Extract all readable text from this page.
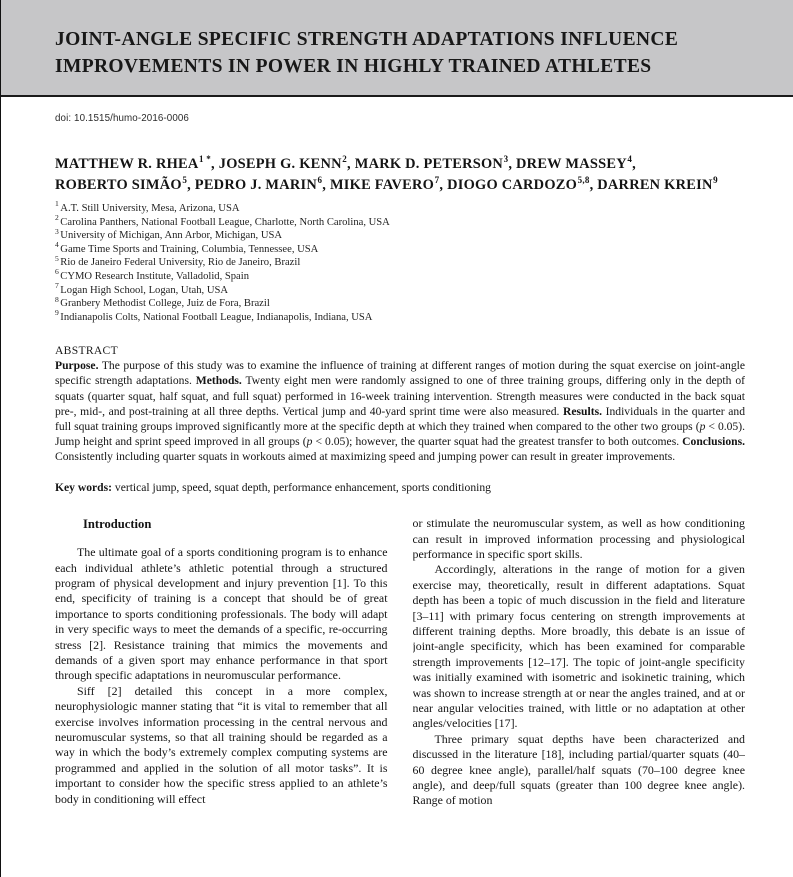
JOINT-ANGLE SPECIFIC STRENGTH ADAPTATIONS INFLUENCE
IMPROVEMENTS IN POWER IN HIGHLY TRAINED ATHLETES
doi: 10.1515/humo-2016-0006
MATTHEW R. $RHEA^{1 *}$, JOSEPH G. KENN$^2$, MARK D. PETERSON$^3$, DREW MASSEY$^4$,
ROBERTO SIMÃO$^5$, PEDRO J. MARIN$^6$, MIKE FAVERO$^7$, DIOGO CARDOZO$^{5,8}$, DARREN KREIN$^9$
$^1$ A.T. Still University, Mesa, Arizona, USA
$^2$ Carolina Panthers, National Football League, Charlotte, North Carolina, USA
$^3$ University of Michigan, Ann Arbor, Michigan, USA
$^4$ Game Time Sports and Training, Columbia, Tennessee, USA
$^5$ Rio de Janeiro Federal University, Rio de Janeiro, Brazil
$^6$ CYMO Research Institute, Valladolid, Spain
$^7$ Logan High School, Logan, Utah, USA
$^8$ Granbery Methodist College, Juiz de Fora, Brazil
$^9$ Indianapolis Colts, National Football League, Indianapolis, Indiana, USA
ABSTRACT

Purpose. The purpose of this study was to examine the influence of training at different ranges of motion during the squat exercise on joint-angle specific strength adaptations. Methods. Twenty eight men were randomly assigned to one of three training groups, differing only in the depth of squats (quarter squat, half squat, and full squat) performed in 16-week training intervention. Strength measures were conducted in the back squat pre-, mid-, and post-training at all three depths. Vertical jump and 40-yard sprint time were also measured. Results. Individuals in the quarter and full squat training groups improved significantly more at the specific depth at which they trained when compared to the other two groups (p < 0.05). Jump height and sprint speed improved in all groups (p < 0.05); however, the quarter squat had the greatest transfer to both outcomes. Conclusions. Consistently including quarter squats in workouts aimed at maximizing speed and jumping power can result in greater improvements.

Key words: vertical jump, speed, squat depth, performance enhancement, sports conditioning
Introduction

The ultimate goal of a sports conditioning program is to enhance each individual athlete’s athletic potential through a structured program of physical development and injury prevention [1]. To this end, specificity of training is a concept that should be of great importance to sports conditioning professionals. The body will adapt in very specific ways to meet the demands of a specific, re-occurring stress [2]. Resistance training that mimics the movements and demands of a given sport may enhance performance in that sport through specific adaptations in neuromuscular performance.

Siff [2] detailed this concept in a more complex, neurophysiologic manner stating that “it is vital to remember that all exercise involves information processing in the central nervous and neuromuscular systems, so that all training should be regarded as a way in which the body’s extremely complex computing systems are programmed and applied in the solution of all motor tasks”. It is important to consider how the specific stress applied to an athlete’s body in conditioning will effect

or stimulate the neuromuscular system, as well as how conditioning can result in improved information processing and physiological performance in specific sport skills.

Accordingly, alterations in the range of motion for a given exercise may, theoretically, result in different adaptations. Squat depth has been a topic of much discussion in the field and literature [3–11] with primary focus centering on strength improvements at different training depths. More broadly, this debate is an issue of joint-angle specificity, which has been examined for comparable strength improvements [12–17]. The topic of joint-angle specificity was initially examined with isometric and isokinetic training, which was shown to increase strength at or near the angles trained, and at or near angular velocities trained, with little or no adaptation at other angles/velocities [17].

Three primary squat depths have been characterized and discussed in the literature [18], including partial/quarter squats (40–60 degree knee angle), parallel/half squats (70–100 degree knee angle), and deep/full squats (greater than 100 degree knee angle). Range of motion
